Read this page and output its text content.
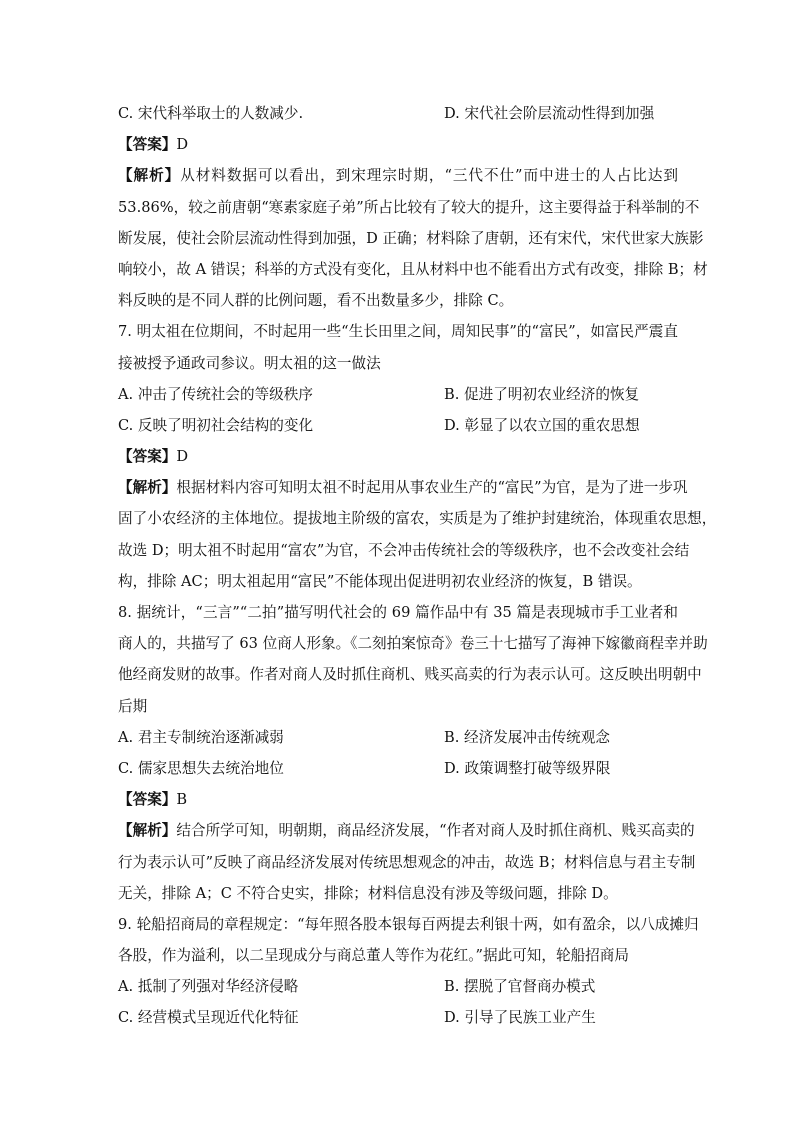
C. 宋代科举取士的人数减少.	D. 宋代社会阶层流动性得到加强
【答案】D
【解析】从材料数据可以看出，到宋理宗时期，“三代不仕”而中进士的人占比达到
53.86%，较之前唐朝“寒素家庭子弟”所占比较有了较大的提升，这主要得益于科举制的不
断发展，使社会阶层流动性得到加强，D 正确；材料除了唐朝，还有宋代，宋代世家大族影
响较小，故 A 错误；科举的方式没有变化，且从材料中也不能看出方式有改变，排除 B；材
料反映的是不同人群的比例问题，看不出数量多少，排除 C。
7. 明太祖在位期间，不时起用一些“生长田里之间，周知民事”的“富民”，如富民严震直
接被授予通政司参议。明太祖的这一做法
A. 冲击了传统社会的等级秩序	B. 促进了明初农业经济的恢复
C. 反映了明初社会结构的变化	D. 彰显了以农立国的重农思想
【答案】D
【解析】根据材料内容可知明太祖不时起用从事农业生产的“富民”为官，是为了进一步巩
固了小农经济的主体地位。提拔地主阶级的富农，实质是为了维护封建统治，体现重农思想，
故选 D；明太祖不时起用“富农”为官，不会冲击传统社会的等级秩序，也不会改变社会结
构，排除 AC；明太祖起用“富民”不能体现出促进明初农业经济的恢复，B 错误。
8. 据统计，“三言”“二拍”描写明代社会的 69 篇作品中有 35 篇是表现城市手工业者和
商人的，共描写了 63 位商人形象。《二刻拍案惊奇》卷三十七描写了海神下嫁徽商程幸并助
他经商发财的故事。作者对商人及时抓住商机、贱买高卖的行为表示认可。这反映出明朝中
后期
A. 君主专制统治逐渐减弱	B. 经济发展冲击传统观念
C. 儒家思想失去统治地位	D. 政策调整打破等级界限
【答案】B
【解析】结合所学可知，明朝期，商品经济发展，“作者对商人及时抓住商机、贱买高卖的
行为表示认可”反映了商品经济发展对传统思想观念的冲击，故选 B；材料信息与君主专制
无关，排除 A；C 不符合史实，排除；材料信息没有涉及等级问题，排除 D。
9. 轮船招商局的章程规定：“每年照各股本银每百两提去利银十两，如有盈余，以八成摊归
各股，作为溢利，以二呈现成分与商总董人等作为花红。”据此可知，轮船招商局
A. 抵制了列强对华经济侵略	B. 摆脱了官督商办模式
C. 经营模式呈现近代化特征	D. 引导了民族工业产生
